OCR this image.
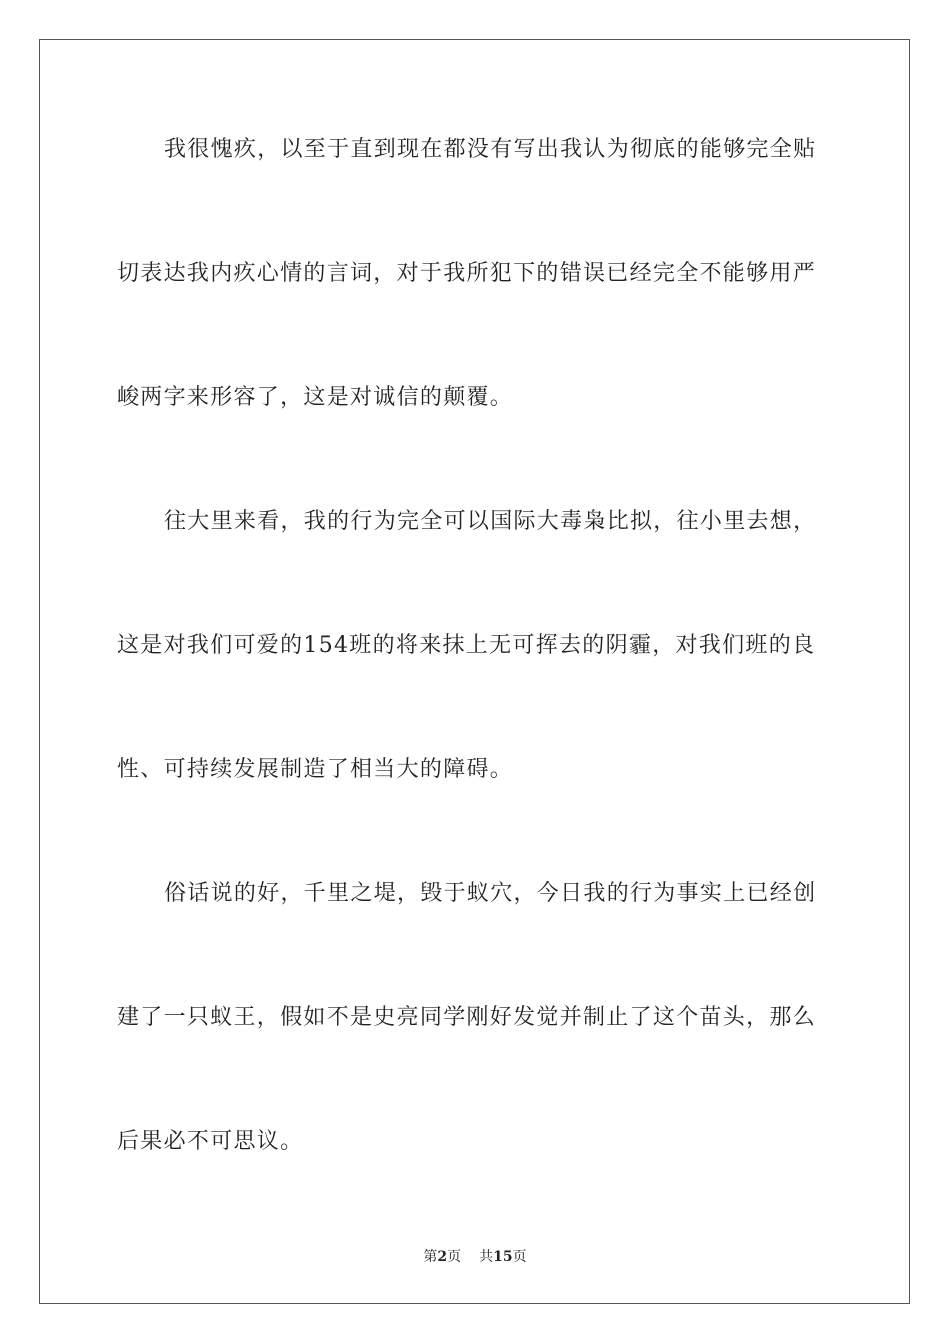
我很愧疚，以至于直到现在都没有写出我认为彻底的能够完全贴
切表达我内疚心情的言词，对于我所犯下的错误已经完全不能够用严
峻两字来形容了，这是对诚信的颠覆。
往大里来看，我的行为完全可以国际大毒枭比拟，往小里去想，
这是对我们可爱的154班的将来抹上无可挥去的阴霾，对我们班的良
性、可持续发展制造了相当大的障碍。
俗话说的好，千里之堤，毁于蚁穴，今日我的行为事实上已经创
建了一只蚁王，假如不是史亮同学刚好发觉并制止了这个苗头，那么
后果必不可思议。
第2页 共15页
